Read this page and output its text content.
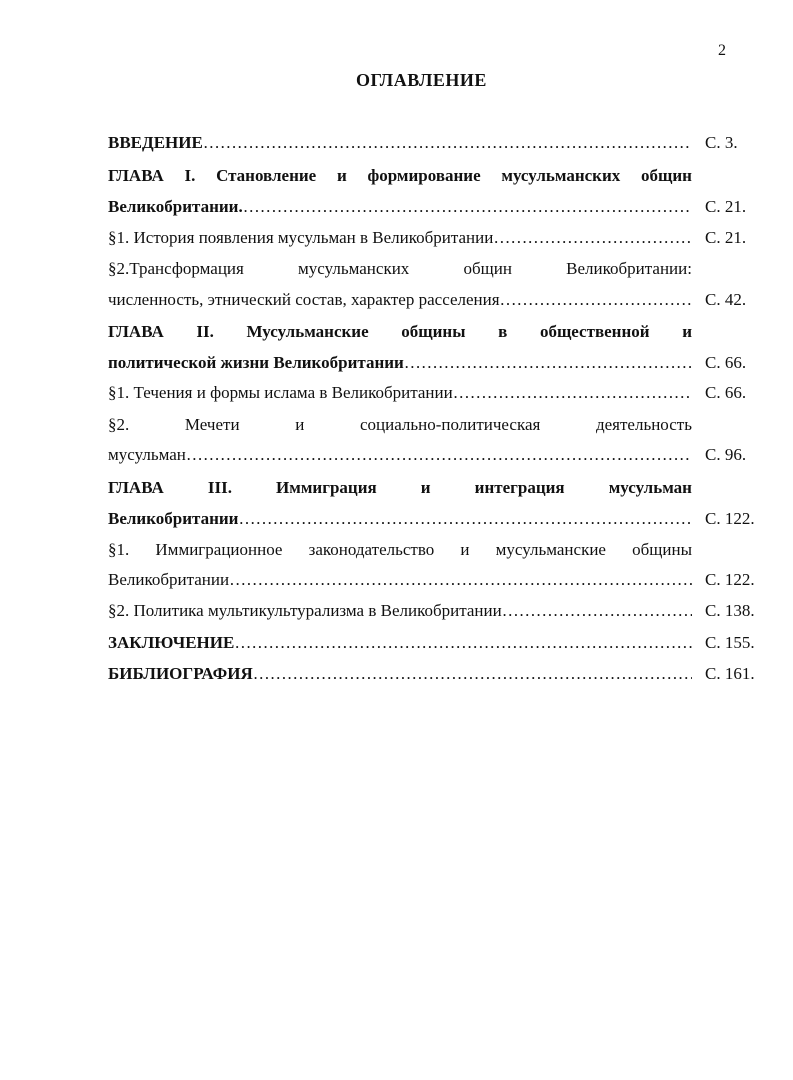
2
ОГЛАВЛЕНИЕ
ВВЕДЕНИЕ ………………………………………………………………………………………………………………………………………………………………………	С. 3.
ГЛАВА I. Становление и формирование мусульманских общин
Великобритании. ………………………………………………………………………………………………………………………………………………………………………	С. 21.
§1. История появления мусульман в Великобритании ………………………………………………………………………………………………………………………………………………………………………	С. 21.
§2.Трансформация	мусульманских	общин	Великобритании:
численность, этнический состав, характер расселения ………………………………………………………………………………………………………………………………………………………………………	С. 42.
ГЛАВА II. Мусульманские общины в общественной и
политической жизни Великобритании ………………………………………………………………………………………………………………………………………………………………………	С. 66.
§1. Течения и формы ислама в Великобритании ………………………………………………………………………………………………………………………………………………………………………	С. 66.
§2.	Мечети	и	социально-политическая	деятельность
мусульман ………………………………………………………………………………………………………………………………………………………………………	С. 96.
ГЛАВА	III.	Иммиграция	и	интеграция	мусульман
Великобритании ………………………………………………………………………………………………………………………………………………………………………	С. 122.
§1. Иммиграционное законодательство и мусульманские общины
Великобритании ………………………………………………………………………………………………………………………………………………………………………	С. 122.
§2. Политика мультикультурализма в Великобритании ………………………………………………………………………………………………………………………………………………………………………	С. 138.
ЗАКЛЮЧЕНИЕ ………………………………………………………………………………………………………………………………………………………………………	С. 155.
БИБЛИОГРАФИЯ ………………………………………………………………………………………………………………………………………………………………………	С. 161.
